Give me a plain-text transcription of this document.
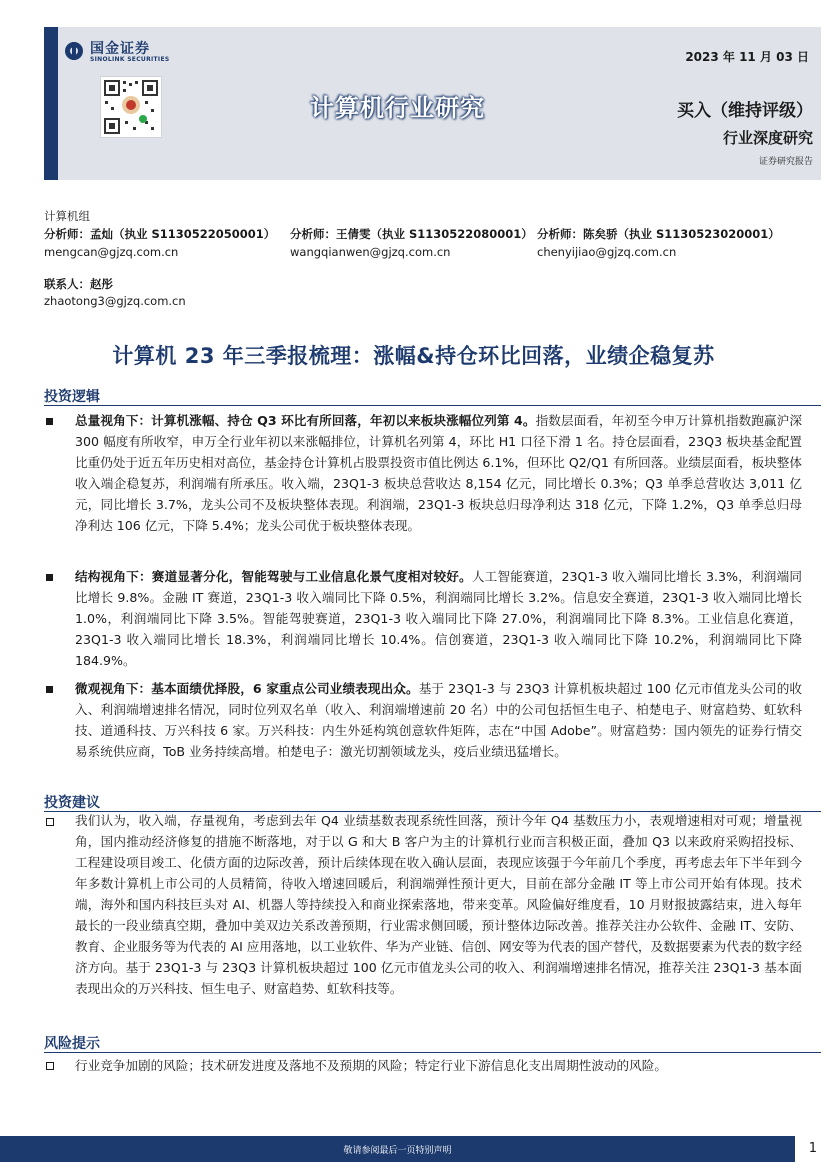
国金证券
SINOLINK SECURITIES	2023 年 11 月 03 日
计算机行业研究	买入（维持评级）
行业深度研究
证券研究报告
计算机组
分析师：孟灿（执业 S1130522050001）
mengcan@gjzq.com.cn
分析师：王倩雯（执业 S1130522080001）
wangqianwen@gjzq.com.cn
分析师：陈矣骄（执业 S1130523020001）
chenyijiao@gjzq.com.cn
联系人：赵彤
zhaotong3@gjzq.com.cn
计算机 23 年三季报梳理：涨幅&持仓环比回落，业绩企稳复苏
投资逻辑
总量视角下：计算机涨幅、持仓 Q3 环比有所回落，年初以来板块涨幅位列第 4。指数层面看，年初至今申万计算机指数跑赢沪深 300 幅度有所收窄，申万全行业年初以来涨幅排位，计算机名列第 4，环比 H1 口径下滑 1 名。持仓层面看，23Q3 板块基金配置比重仍处于近五年历史相对高位，基金持仓计算机占股票投资市值比例达 6.1%，但环比 Q2/Q1 有所回落。业绩层面看，板块整体收入端企稳复苏，利润端有所承压。收入端，23Q1-3 板块总营收达 8,154 亿元，同比增长 0.3%；Q3 单季总营收达 3,011 亿元，同比增长 3.7%，龙头公司不及板块整体表现。利润端，23Q1-3 板块总归母净利达 318 亿元，下降 1.2%，Q3 单季总归母净利达 106 亿元，下降 5.4%；龙头公司优于板块整体表现。
结构视角下：赛道显著分化，智能驾驶与工业信息化景气度相对较好。人工智能赛道，23Q1-3 收入端同比增长 3.3%，利润端同比增长 9.8%。金融 IT 赛道，23Q1-3 收入端同比下降 0.5%，利润端同比增长 3.2%。信息安全赛道，23Q1-3 收入端同比增长 1.0%，利润端同比下降 3.5%。智能驾驶赛道，23Q1-3 收入端同比下降 27.0%，利润端同比下降 8.3%。工业信息化赛道，23Q1-3 收入端同比增长 18.3%，利润端同比增长 10.4%。信创赛道，23Q1-3 收入端同比下降 10.2%，利润端同比下降 184.9%。
微观视角下：基本面绩优择股，6 家重点公司业绩表现出众。基于 23Q1-3 与 23Q3 计算机板块超过 100 亿元市值龙头公司的收入、利润端增速排名情况，同时位列双名单（收入、利润端增速前 20 名）中的公司包括恒生电子、柏楚电子、财富趋势、虹软科技、道通科技、万兴科技 6 家。万兴科技：内生外延构筑创意软件矩阵，志在“中国 Adobe”。财富趋势：国内领先的证券行情交易系统供应商，ToB 业务持续高增。柏楚电子：激光切割领域龙头，疫后业绩迅猛增长。
投资建议
我们认为，收入端，存量视角，考虑到去年 Q4 业绩基数表现系统性回落，预计今年 Q4 基数压力小，表观增速相对可观；增量视角，国内推动经济修复的措施不断落地，对于以 G 和大 B 客户为主的计算机行业而言积极正面，叠加 Q3 以来政府采购招投标、工程建设项目竣工、化债方面的边际改善，预计后续体现在收入确认层面，表现应该强于今年前几个季度，再考虑去年下半年到今年多数计算机上市公司的人员精简，待收入增速回暖后，利润端弹性预计更大，目前在部分金融 IT 等上市公司开始有体现。技术端，海外和国内科技巨头对 AI、机器人等持续投入和商业探索落地，带来变革。风险偏好维度看，10 月财报披露结束，进入每年最长的一段业绩真空期，叠加中美双边关系改善预期，行业需求侧回暖，预计整体边际改善。推荐关注办公软件、金融 IT、安防、教育、企业服务等为代表的 AI 应用落地，以工业软件、华为产业链、信创、网安等为代表的国产替代，及数据要素为代表的数字经济方向。基于 23Q1-3 与 23Q3 计算机板块超过 100 亿元市值龙头公司的收入、利润端增速排名情况，推荐关注 23Q1-3 基本面表现出众的万兴科技、恒生电子、财富趋势、虹软科技等。
风险提示
行业竞争加剧的风险；技术研发进度及落地不及预期的风险；特定行业下游信息化支出周期性波动的风险。
敬请参阅最后一页特别声明	1
